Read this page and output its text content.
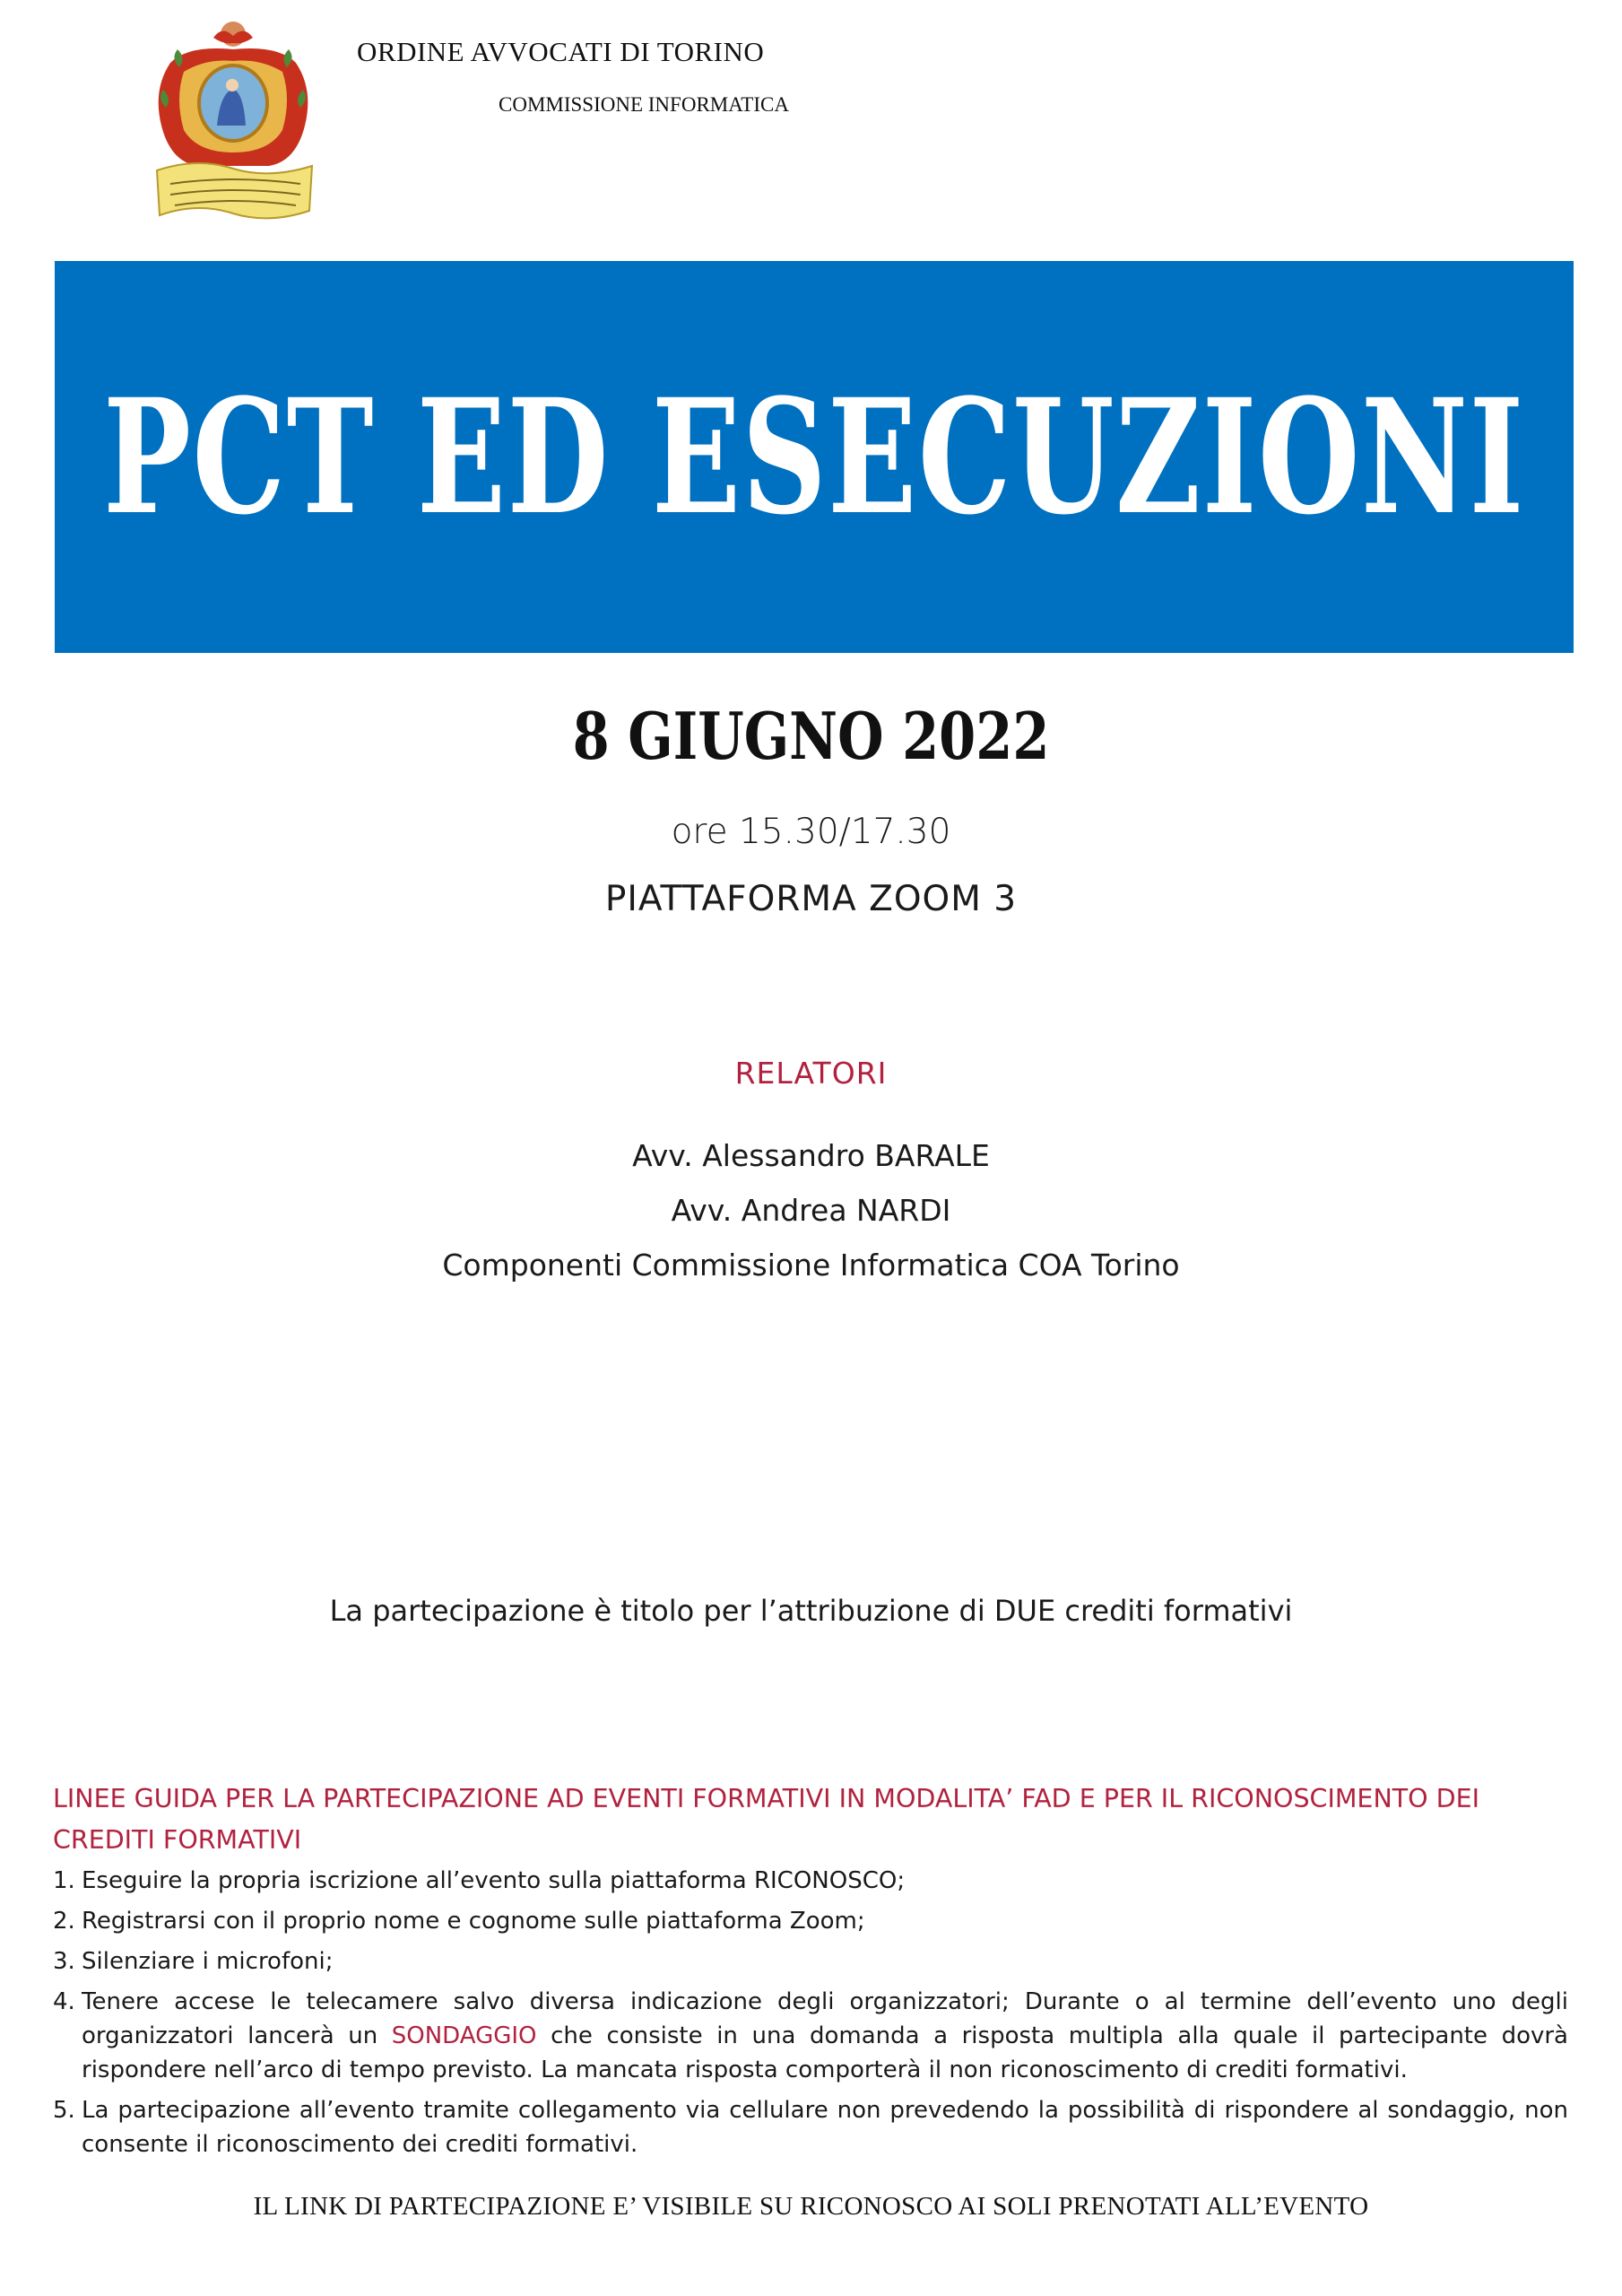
ORDINE AVVOCATI DI TORINO
COMMISSIONE INFORMATICA
PCT ED ESECUZIONI
8 GIUGNO 2022
ore 15.30/17.30
PIATTAFORMA ZOOM 3
RELATORI
Avv. Alessandro BARALE
Avv. Andrea NARDI
Componenti Commissione Informatica COA Torino
La partecipazione è titolo per l’attribuzione di DUE crediti formativi
LINEE GUIDA PER LA PARTECIPAZIONE AD EVENTI FORMATIVI IN MODALITA’ FAD E PER IL RICONOSCIMENTO DEI CREDITI FORMATIVI
1. Eseguire la propria iscrizione all’evento sulla piattaforma RICONOSCO;
2. Registrarsi con il proprio nome e cognome sulle piattaforma Zoom;
3. Silenziare i microfoni;
4. Tenere accese le telecamere salvo diversa indicazione degli organizzatori; Durante o al termine dell’evento uno degli organizzatori lancerà un SONDAGGIO che consiste in una domanda a risposta multipla alla quale il partecipante dovrà rispondere nell’arco di tempo previsto. La mancata risposta comporterà il non riconoscimento di crediti formativi.
5. La partecipazione all’evento tramite collegamento via cellulare non prevedendo la possibilità di rispondere al sondaggio, non consente il riconoscimento dei crediti formativi.
IL LINK DI PARTECIPAZIONE E’ VISIBILE SU RICONOSCO AI SOLI PRENOTATI ALL’EVENTO
